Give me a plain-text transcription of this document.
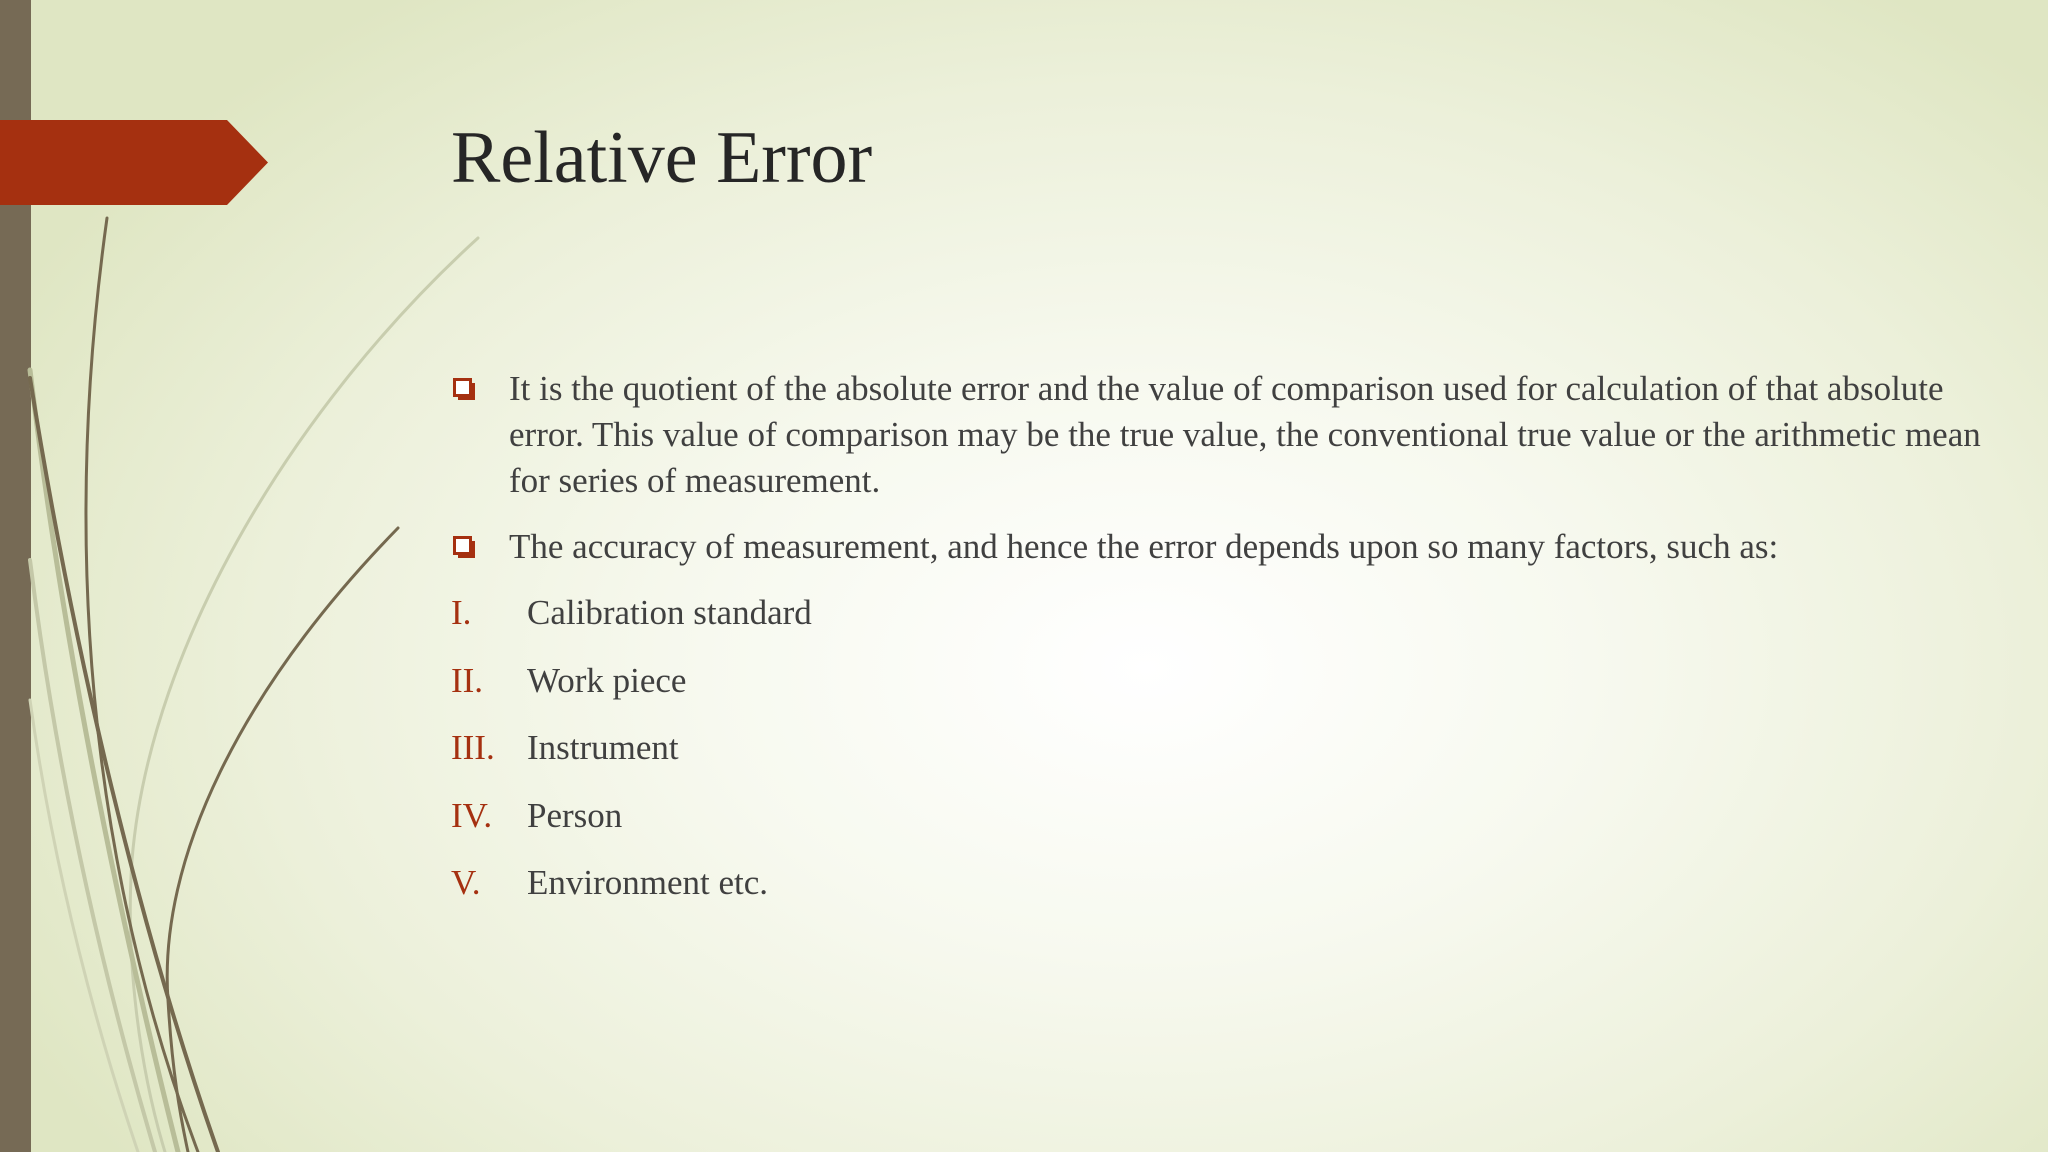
Relative Error
It is the quotient of the absolute error and the value of comparison used for calculation of that absolute error. This value of comparison may be the true value, the conventional true value or the arithmetic mean for series of measurement.
The accuracy of measurement, and hence the error depends upon so many factors, such as:
I. Calibration standard
II. Work piece
III. Instrument
IV. Person
V. Environment etc.
